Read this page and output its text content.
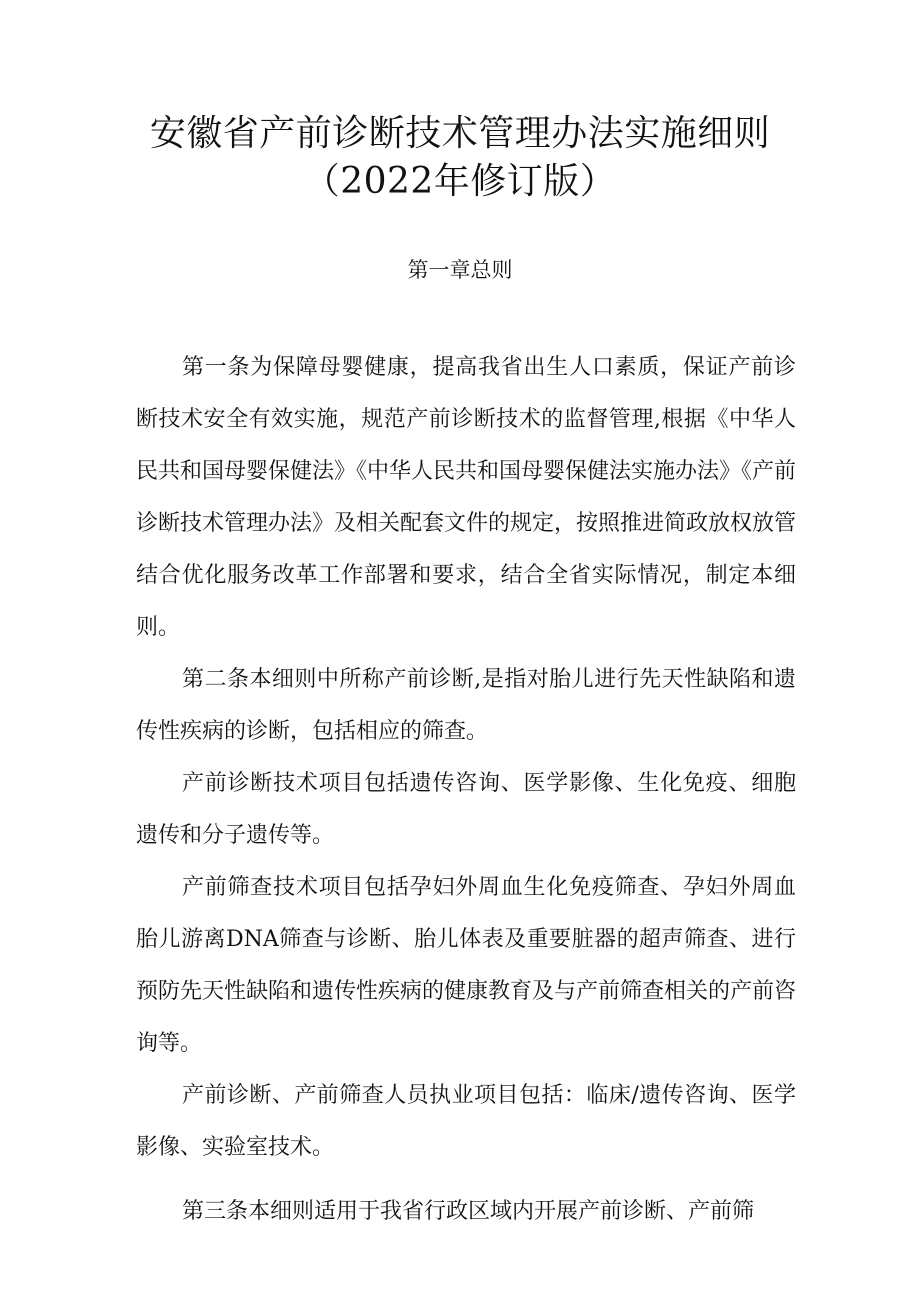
安徽省产前诊断技术管理办法实施细则
（2022年修订版）
第一章总则

第一条为保障母婴健康，提高我省出生人口素质，保证产前诊断技术安全有效实施，规范产前诊断技术的监督管理,根据《中华人民共和国母婴保健法》《中华人民共和国母婴保健法实施办法》《产前诊断技术管理办法》及相关配套文件的规定，按照推进简政放权放管结合优化服务改革工作部署和要求，结合全省实际情况，制定本细则。

第二条本细则中所称产前诊断,是指对胎儿进行先天性缺陷和遗传性疾病的诊断，包括相应的筛查。

产前诊断技术项目包括遗传咨询、医学影像、生化免疫、细胞遗传和分子遗传等。

产前筛查技术项目包括孕妇外周血生化免疫筛查、孕妇外周血胎儿游离DNA筛查与诊断、胎儿体表及重要脏器的超声筛查、进行预防先天性缺陷和遗传性疾病的健康教育及与产前筛查相关的产前咨询等。

产前诊断、产前筛查人员执业项目包括：临床/遗传咨询、医学影像、实验室技术。

第三条本细则适用于我省行政区域内开展产前诊断、产前筛
